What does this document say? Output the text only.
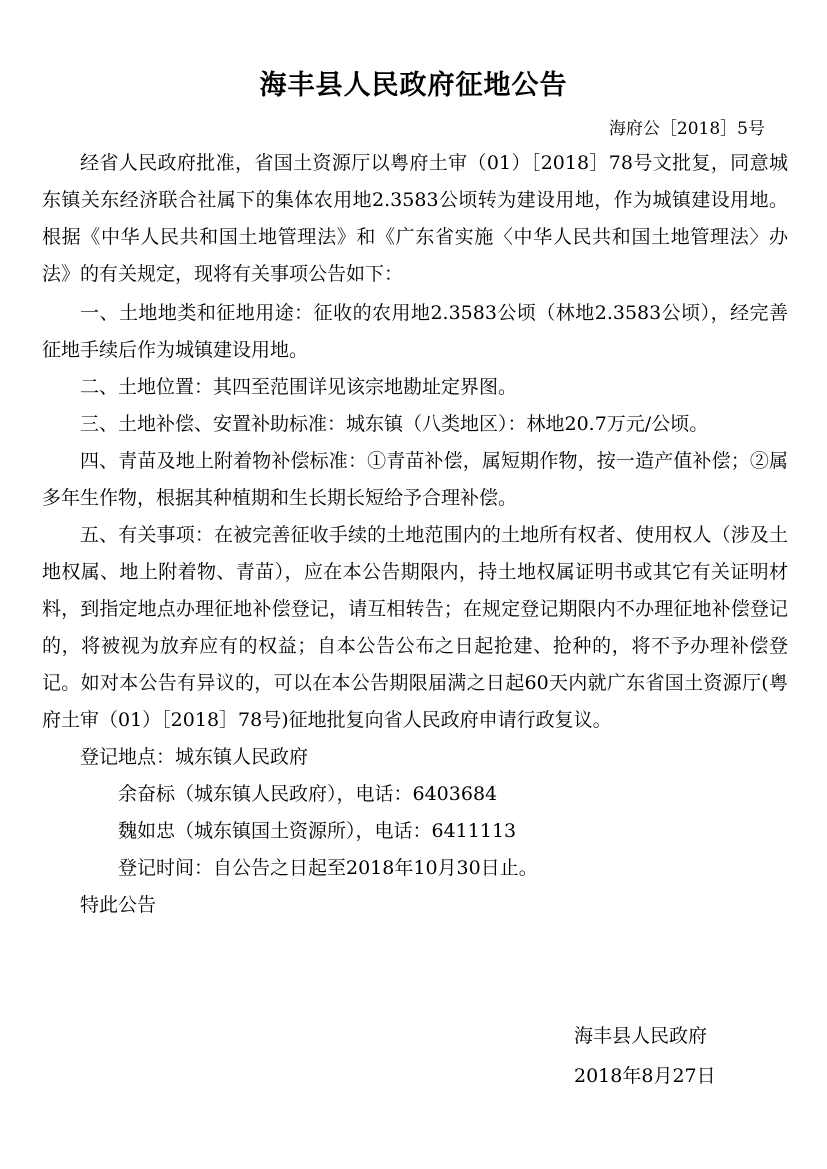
海丰县人民政府征地公告
海府公［2018］5号

经省人民政府批准，省国土资源厅以粤府土审（01）［2018］78号文批复，同意城东镇关东经济联合社属下的集体农用地2.3583公顷转为建设用地，作为城镇建设用地。根据《中华人民共和国土地管理法》和《广东省实施〈中华人民共和国土地管理法〉办法》的有关规定，现将有关事项公告如下：

一、土地地类和征地用途：征收的农用地2.3583公顷（林地2.3583公顷），经完善征地手续后作为城镇建设用地。

二、土地位置：其四至范围详见该宗地勘址定界图。

三、土地补偿、安置补助标准：城东镇（八类地区）：林地20.7万元/公顷。

四、青苗及地上附着物补偿标准：①青苗补偿，属短期作物，按一造产值补偿；②属多年生作物，根据其种植期和生长期长短给予合理补偿。

五、有关事项：在被完善征收手续的土地范围内的土地所有权者、使用权人（涉及土地权属、地上附着物、青苗），应在本公告期限内，持土地权属证明书或其它有关证明材料，到指定地点办理征地补偿登记，请互相转告；在规定登记期限内不办理征地补偿登记的，将被视为放弃应有的权益；自本公告公布之日起抢建、抢种的，将不予办理补偿登记。如对本公告有异议的，可以在本公告期限届满之日起60天内就广东省国土资源厅(粤府土审（01）［2018］78号)征地批复向省人民政府申请行政复议。

登记地点：城东镇人民政府

余奋标（城东镇人民政府），电话：6403684

魏如忠（城东镇国土资源所），电话：6411113

登记时间：自公告之日起至2018年10月30日止。

特此公告

海丰县人民政府
2018年8月27日
